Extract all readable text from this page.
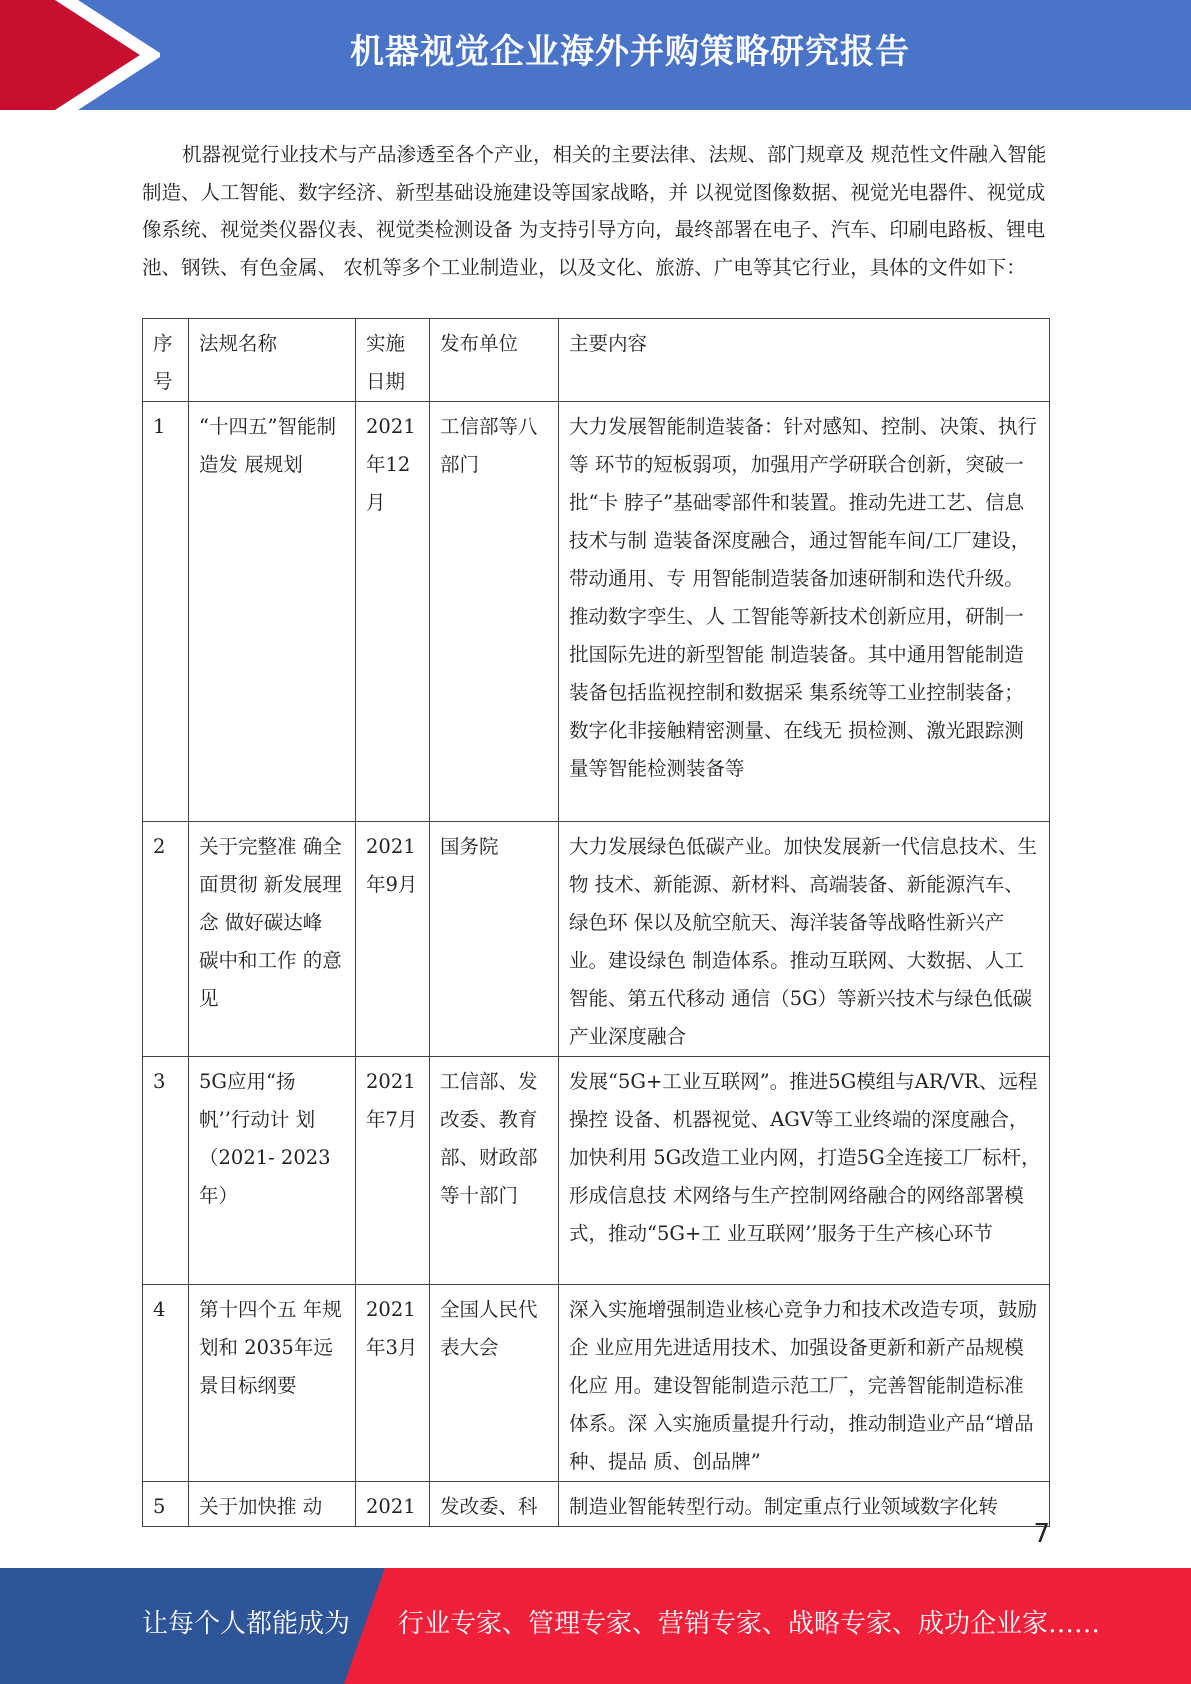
机器视觉企业海外并购策略研究报告

机器视觉行业技术与产品渗透至各个产业，相关的主要法律、法规、部门规章及 规范性文件融入智能制造、人工智能、数字经济、新型基础设施建设等国家战略，并 以视觉图像数据、视觉光电器件、视觉成像系统、视觉类仪器仪表、视觉类检测设备 为支持引导方向，最终部署在电子、汽车、印刷电路板、锂电池、钢铁、有色金属、 农机等多个工业制造业，以及文化、旅游、广电等其它行业，具体的文件如下：

序号	法规名称	实施日期	发布单位	主要内容
1	“十四五”智能制造发 展规划	2021年12月	工信部等八部门	大力发展智能制造装备：针对感知、控制、决策、执行等 环节的短板弱项，加强用产学研联合创新，突破一批“卡 脖子”基础零部件和装置。推动先进工艺、信息技术与制 造装备深度融合，通过智能车间/工厂建设，带动通用、专 用智能制造装备加速研制和迭代升级。推动数字孪生、人 工智能等新技术创新应用，研制一批国际先进的新型智能 制造装备。其中通用智能制造装备包括监视控制和数据采 集系统等工业控制装备；数字化非接触精密测量、在线无 损检测、激光跟踪测量等智能检测装备等
2	关于完整准 确全面贯彻 新发展理念 做好碳达峰 碳中和工作 的意见	2021年9月	国务院	大力发展绿色低碳产业。加快发展新一代信息技术、生物 技术、新能源、新材料、高端装备、新能源汽车、绿色环 保以及航空航天、海洋装备等战略性新兴产业。建设绿色 制造体系。推动互联网、大数据、人工智能、第五代移动 通信（5G）等新兴技术与绿色低碳产业深度融合
3	5G应用“扬 帆’’行动计 划（2021- 2023年）	2021年7月	工信部、发改委、教育部、财政部等十部门	发展“5G+工业互联网”。推进5G模组与AR/VR、远程操控 设备、机器视觉、AGV等工业终端的深度融合，加快利用 5G改造工业内网，打造5G全连接工厂标杆，形成信息技 术网络与生产控制网络融合的网络部署模式，推动“5G+工 业互联网’’服务于生产核心环节
4	第十四个五 年规划和 2035年远 景目标纲要	2021年3月	全国人民代表大会	深入实施增强制造业核心竞争力和技术改造专项，鼓励企 业应用先进适用技术、加强设备更新和新产品规模化应 用。建设智能制造示范工厂，完善智能制造标准体系。深 入实施质量提升行动，推动制造业产品“增品种、提品 质、创品牌”
5	关于加快推 动	2021	发改委、科	制造业智能转型行动。制定重点行业领域数字化转
7
让每个人都能成为 行业专家、管理专家、营销专家、战略专家、成功企业家……
